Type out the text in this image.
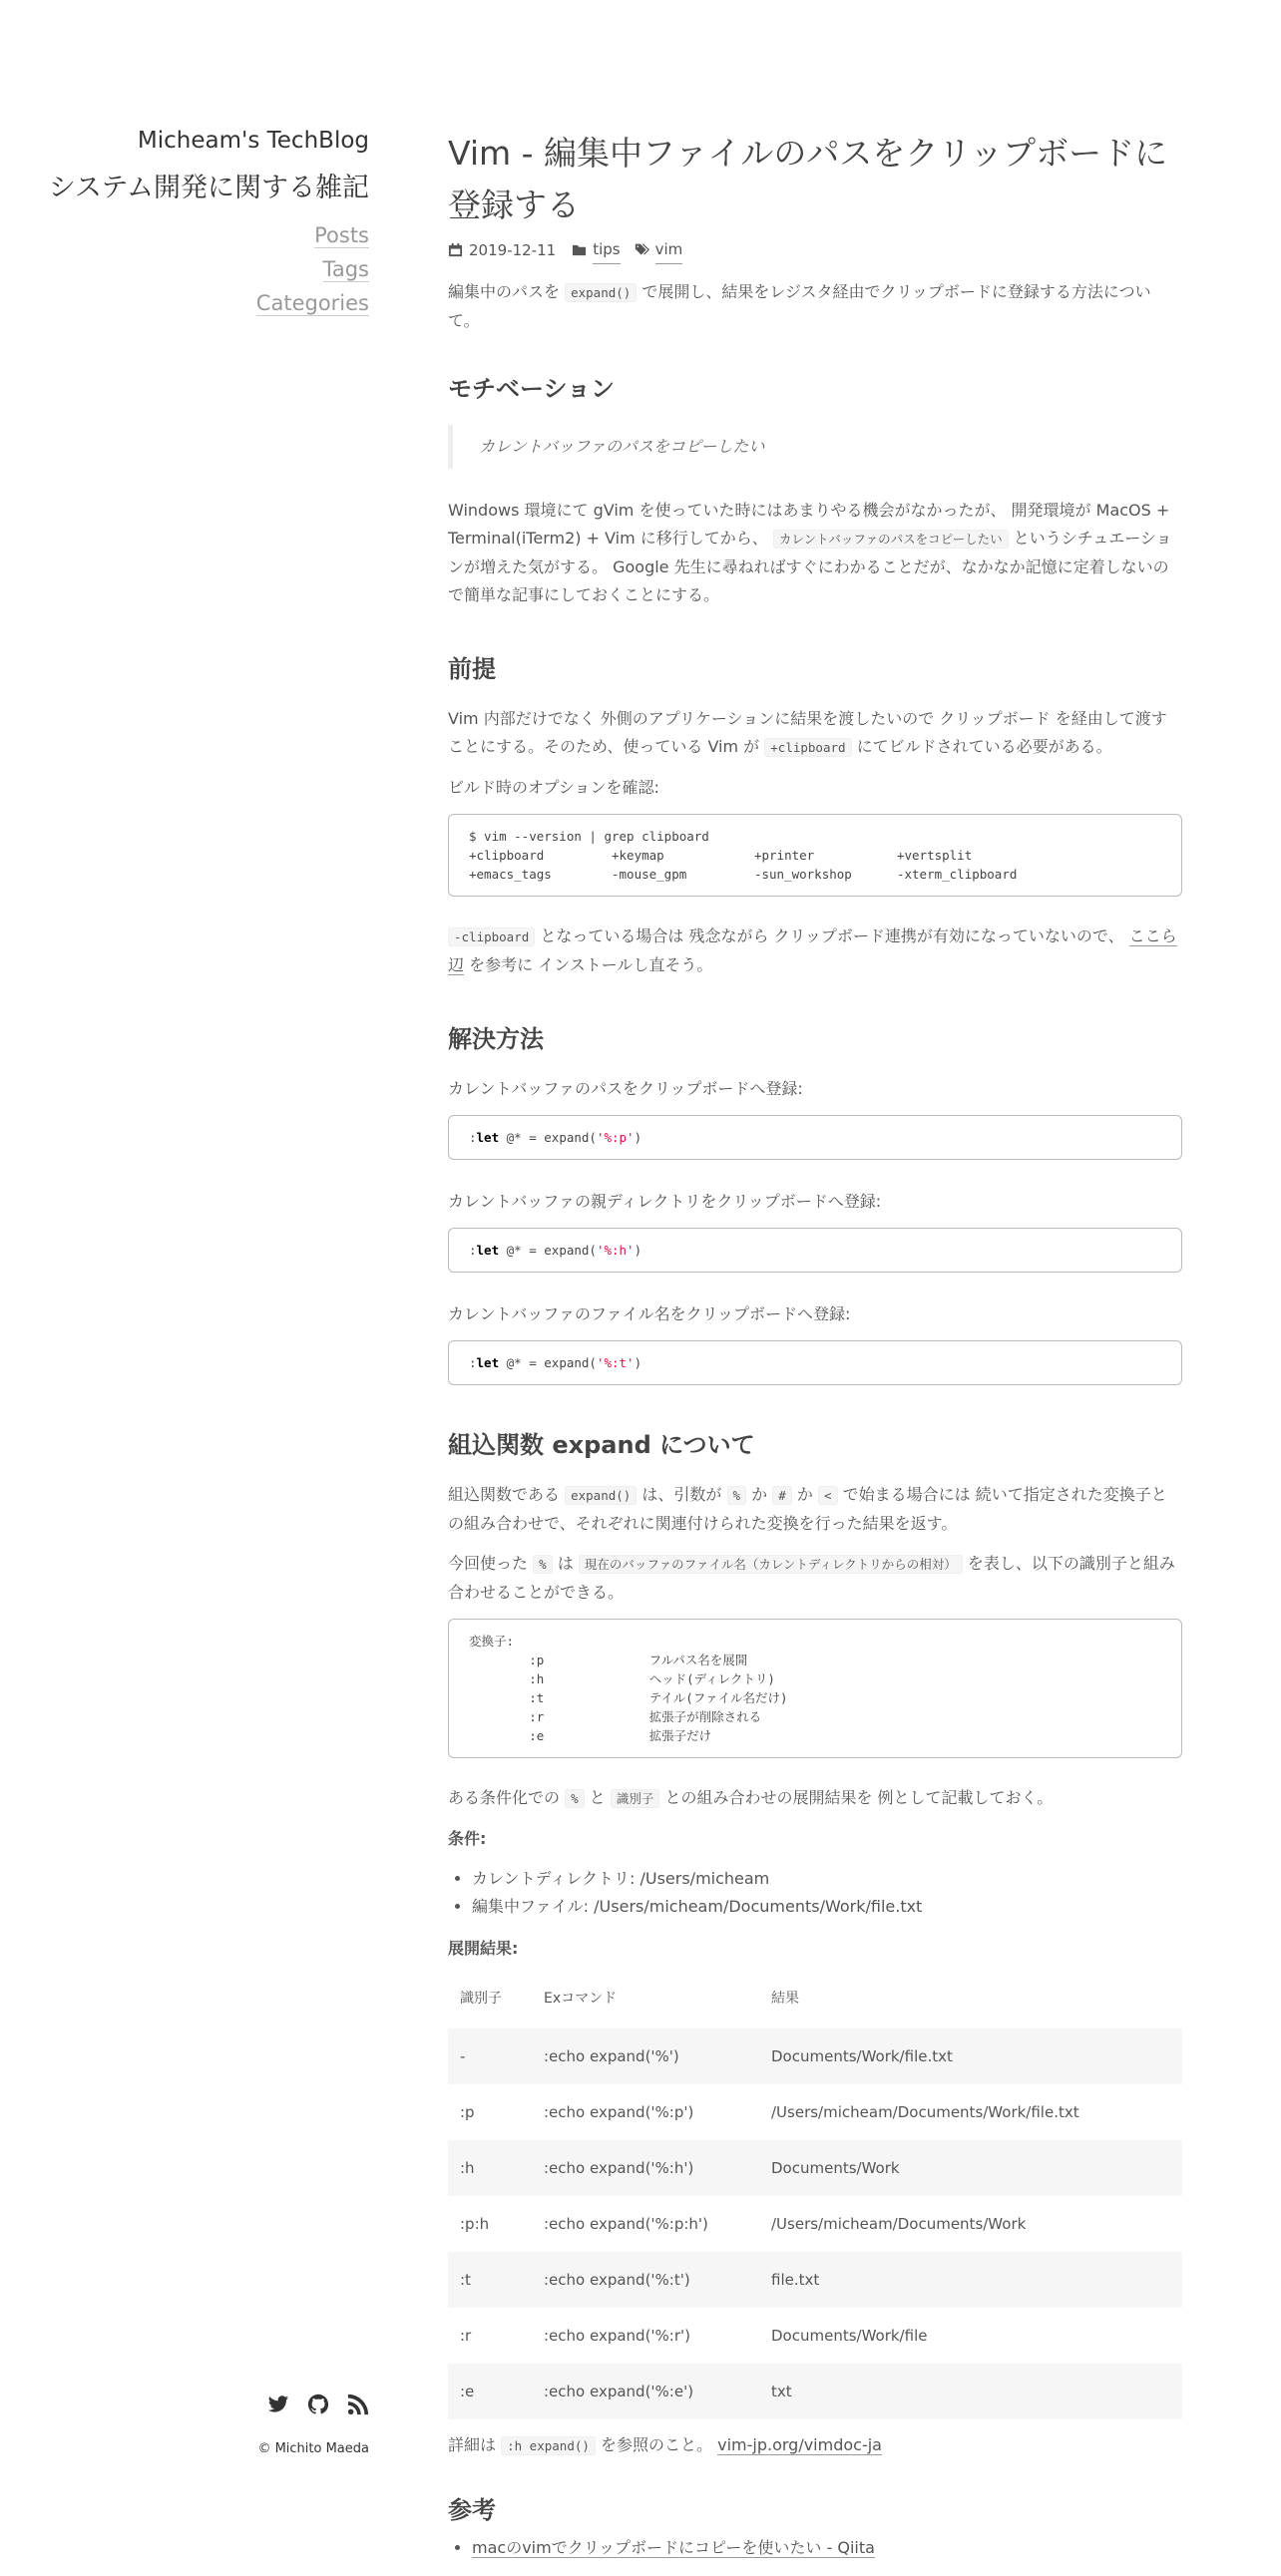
Micheam's TechBlog
システム開発に関する雑記
Posts
Tags
Categories
© Michito Maeda
Vim - 編集中ファイルのパスをクリップボードに登録する
2019-12-11 tips vim

編集中のパスを expand() で展開し、結果をレジスタ経由でクリップボードに登録する方法について。

モチベーション
カレントバッファのパスをコピーしたい

Windows 環境にて gVim を使っていた時にはあまりやる機会がなかったが、 開発環境が MacOS + Terminal(iTerm2) + Vim に移行してから、 カレントバッファのパスをコピーしたい というシチュエーションが増えた気がする。 Google 先生に尋ねればすぐにわかることだが、なかなか記憶に定着しないので簡単な記事にしておくことにする。

前提

Vim 内部だけでなく 外側のアプリケーションに結果を渡したいので クリップボード を経由して渡すことにする。そのため、使っている Vim が +clipboard にてビルドされている必要がある。

ビルド時のオプションを確認:

$ vim --version | grep clipboard
+clipboard         +keymap            +printer           +vertsplit
+emacs_tags        -mouse_gpm         -sun_workshop      -xterm_clipboard

-clipboard となっている場合は 残念ながら クリップボード連携が有効になっていないので、 ここら辺 を参考に インストールし直そう。

解決方法

カレントバッファのパスをクリップボードへ登録:

:let @* = expand('%:p')

カレントバッファの親ディレクトリをクリップボードへ登録:

:let @* = expand('%:h')

カレントバッファのファイル名をクリップボードへ登録:

:let @* = expand('%:t')
組込関数 expand について

組込関数である expand() は、引数が % か # か < で始まる場合には 続いて指定された変換子との組み合わせで、それぞれに関連付けられた変換を行った結果を返す。

今回使った % は 現在のバッファのファイル名（カレントディレクトリからの相対） を表し、以下の識別子と組み合わせることができる。

変換子:
:p              フルパス名を展開
:h              ヘッド(ディレクトリ)
:t              テイル(ファイル名だけ)
:r              拡張子が削除される
:e              拡張子だけ

ある条件化での % と 識別子 との組み合わせの展開結果を 例として記載しておく。

条件:

• カレントディレクトリ: /Users/micheam
• 編集中ファイル: /Users/micheam/Documents/Work/file.txt

展開結果:

識別子	Exコマンド	結果
-	:echo expand('%')	Documents/Work/file.txt
:p	:echo expand('%:p')	/Users/micheam/Documents/Work/file.txt
:h	:echo expand('%:h')	Documents/Work
:p:h	:echo expand('%:p:h')	/Users/micheam/Documents/Work
:t	:echo expand('%:t')	file.txt
:r	:echo expand('%:r')	Documents/Work/file
:e	:echo expand('%:e')	txt

詳細は :h expand() を参照のこと。 vim-jp.org/vimdoc-ja

参考
• macのvimでクリップボードにコピーを使いたい - Qiita
